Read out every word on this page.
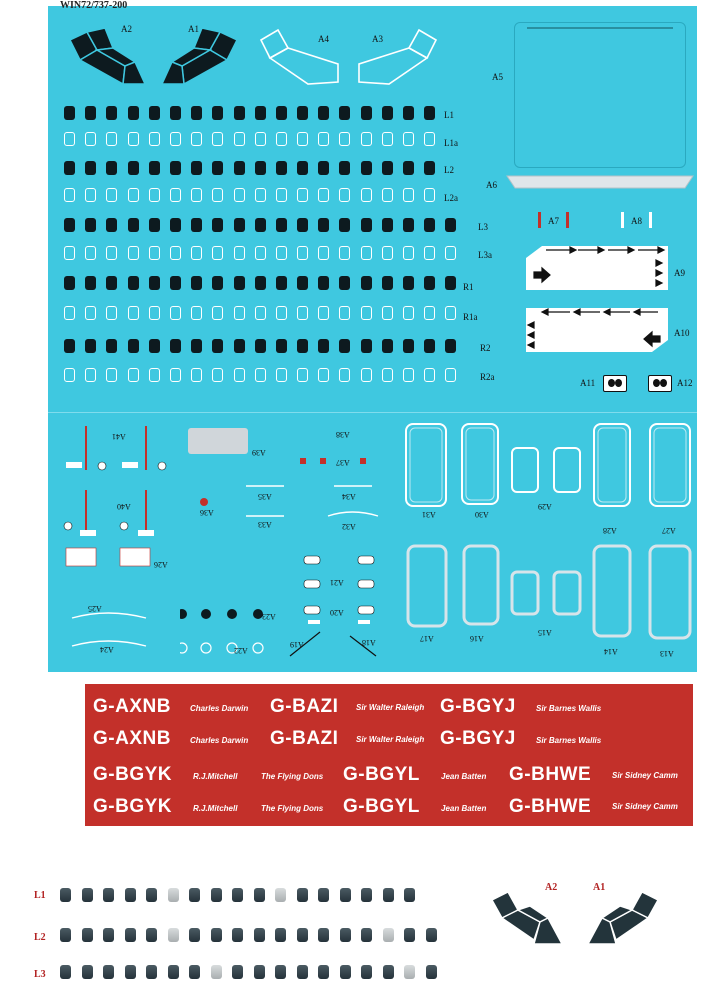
WIN72/737-200
A2	A1
A4	A3
A5
A6
A7	A8
A9
A10
A11	A12
L1
L1a
L2
L2a
L3
L3a
R1
R1a
R2
R2a
A31	A30
A29
A28	A27
A17	A16
A15
A14	A13
A41
A40
A25
A24
A39
A38
A37
A36
A35	A34
A33	A32
A26
A23
A22
A21
A20
A19	A18
G-AXNB Charles Darwin G-BAZI Sir Walter Raleigh G-BGYJ	Sir Barnes Wallis
G-AXNB Charles Darwin G-BAZI Sir Walter Raleigh G-BGYJ	Sir Barnes Wallis
G-BGYK	R.J.Mitchell	The Flying Dons G-BGYL	Jean Batten G-BHWE	Sir Sidney Camm
G-BGYK	R.J.Mitchell	The Flying Dons G-BGYL	Jean Batten G-BHWE	Sir Sidney Camm
L1
L2
L3
A2	A1
